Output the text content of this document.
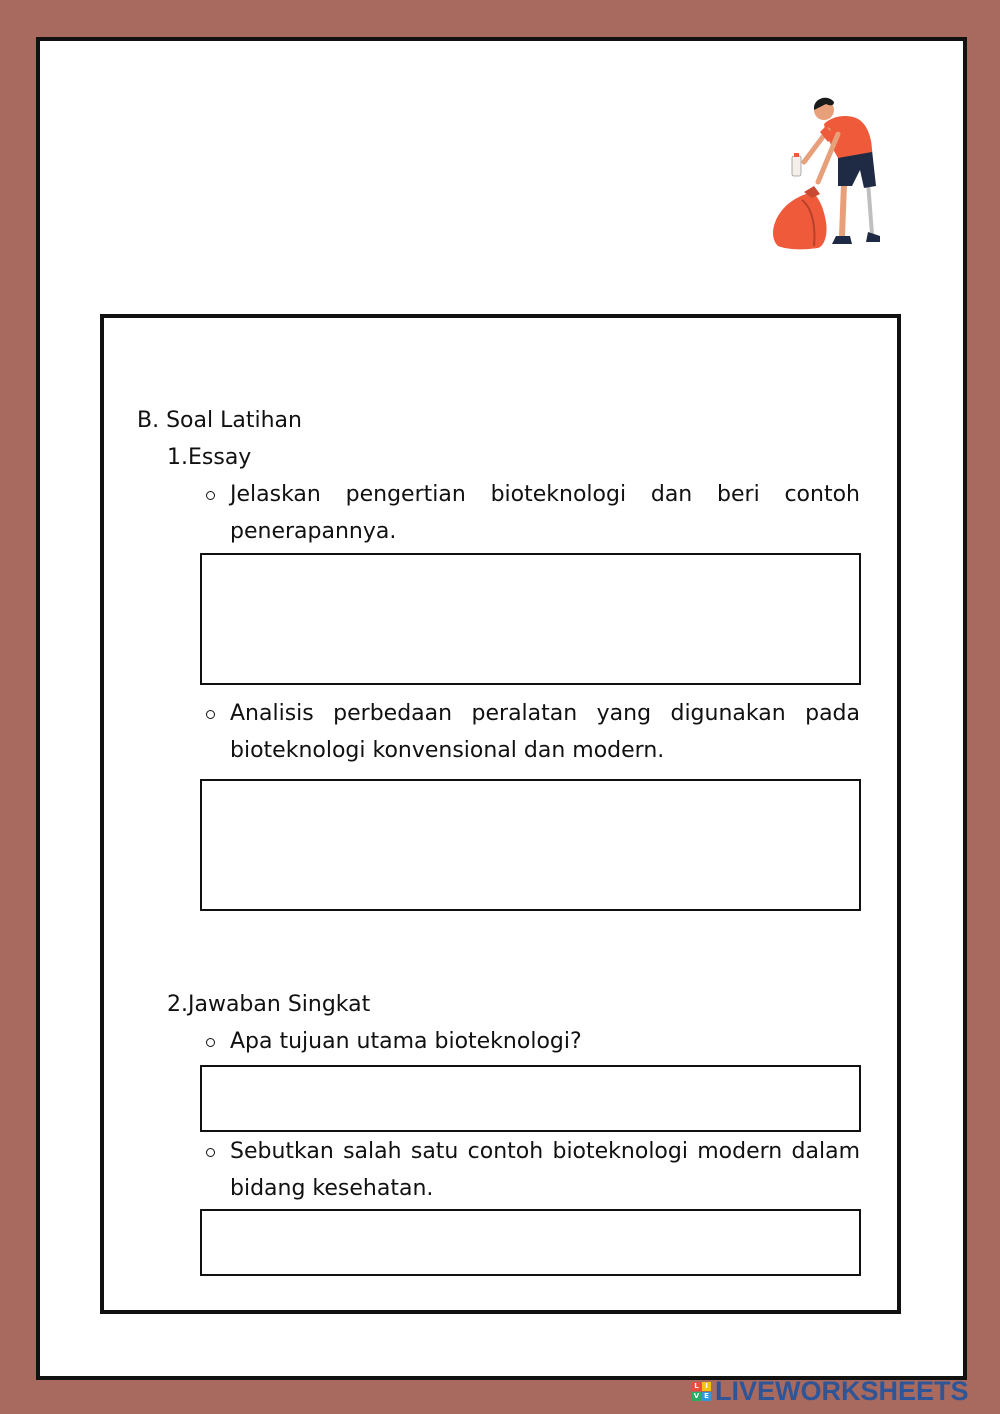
B. Soal Latihan
1.Essay
Jelaskan pengertian bioteknologi dan beri contoh penerapannya.
Analisis perbedaan peralatan yang digunakan pada bioteknologi konvensional dan modern.
2.Jawaban Singkat
Apa tujuan utama bioteknologi?
Sebutkan salah satu contoh bioteknologi modern dalam bidang kesehatan.
L I
V E LIVEWORKSHEETS
